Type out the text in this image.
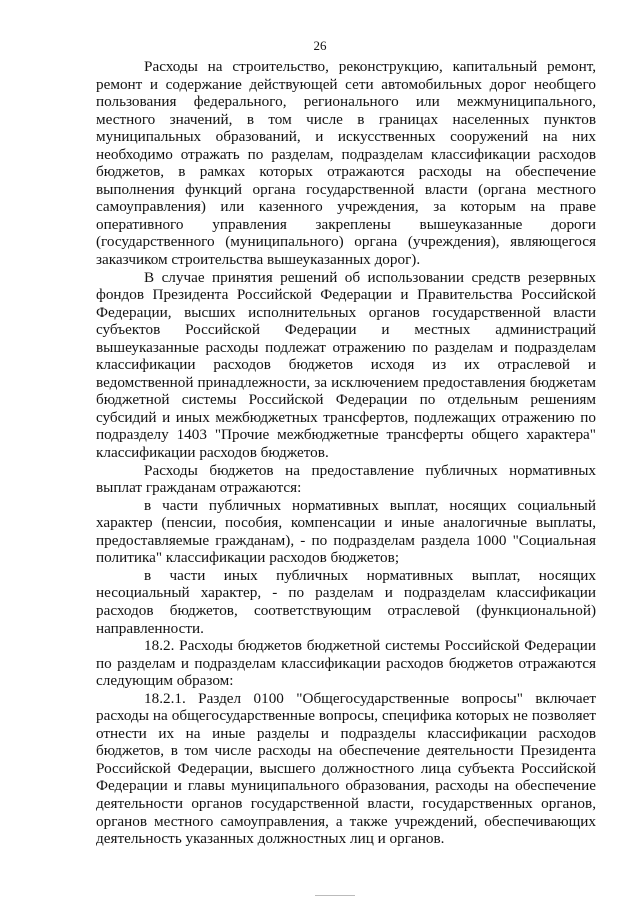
26

Расходы на строительство, реконструкцию, капитальный ремонт, ремонт и содержание действующей сети автомобильных дорог необщего пользования федерального, регионального или межмуниципального, местного значений, в том числе в границах населенных пунктов муниципальных образований, и искусственных сооружений на них необходимо отражать по разделам, подразделам классификации расходов бюджетов, в рамках которых отражаются расходы на обеспечение выполнения функций органа государственной власти (органа местного самоуправления) или казенного учреждения, за которым на праве оперативного управления закреплены вышеуказанные дороги (государственного (муниципального) органа (учреждения), являющегося заказчиком строительства вышеуказанных дорог).

В случае принятия решений об использовании средств резервных фондов Президента Российской Федерации и Правительства Российской Федерации, высших исполнительных органов государственной власти субъектов Российской Федерации и местных администраций вышеуказанные расходы подлежат отражению по разделам и подразделам классификации расходов бюджетов исходя из их отраслевой и ведомственной принадлежности, за исключением предоставления бюджетам бюджетной системы Российской Федерации по отдельным решениям субсидий и иных межбюджетных трансфертов, подлежащих отражению по подразделу 1403 "Прочие межбюджетные трансферты общего характера" классификации расходов бюджетов.

Расходы бюджетов на предоставление публичных нормативных выплат гражданам отражаются:

в части публичных нормативных выплат, носящих социальный характер (пенсии, пособия, компенсации и иные аналогичные выплаты, предоставляемые гражданам), - по подразделам раздела 1000 "Социальная политика" классификации расходов бюджетов;

в части иных публичных нормативных выплат, носящих несоциальный характер, - по разделам и подразделам классификации расходов бюджетов, соответствующим отраслевой (функциональной) направленности.

18.2. Расходы бюджетов бюджетной системы Российской Федерации по разделам и подразделам классификации расходов бюджетов отражаются следующим образом:

18.2.1. Раздел 0100 "Общегосударственные вопросы" включает расходы на общегосударственные вопросы, специфика которых не позволяет отнести их на иные разделы и подразделы классификации расходов бюджетов, в том числе расходы на обеспечение деятельности Президента Российской Федерации, высшего должностного лица субъекта Российской Федерации и главы муниципального образования, расходы на обеспечение деятельности органов государственной власти, государственных органов, органов местного самоуправления, а также учреждений, обеспечивающих деятельность указанных должностных лиц и органов.
